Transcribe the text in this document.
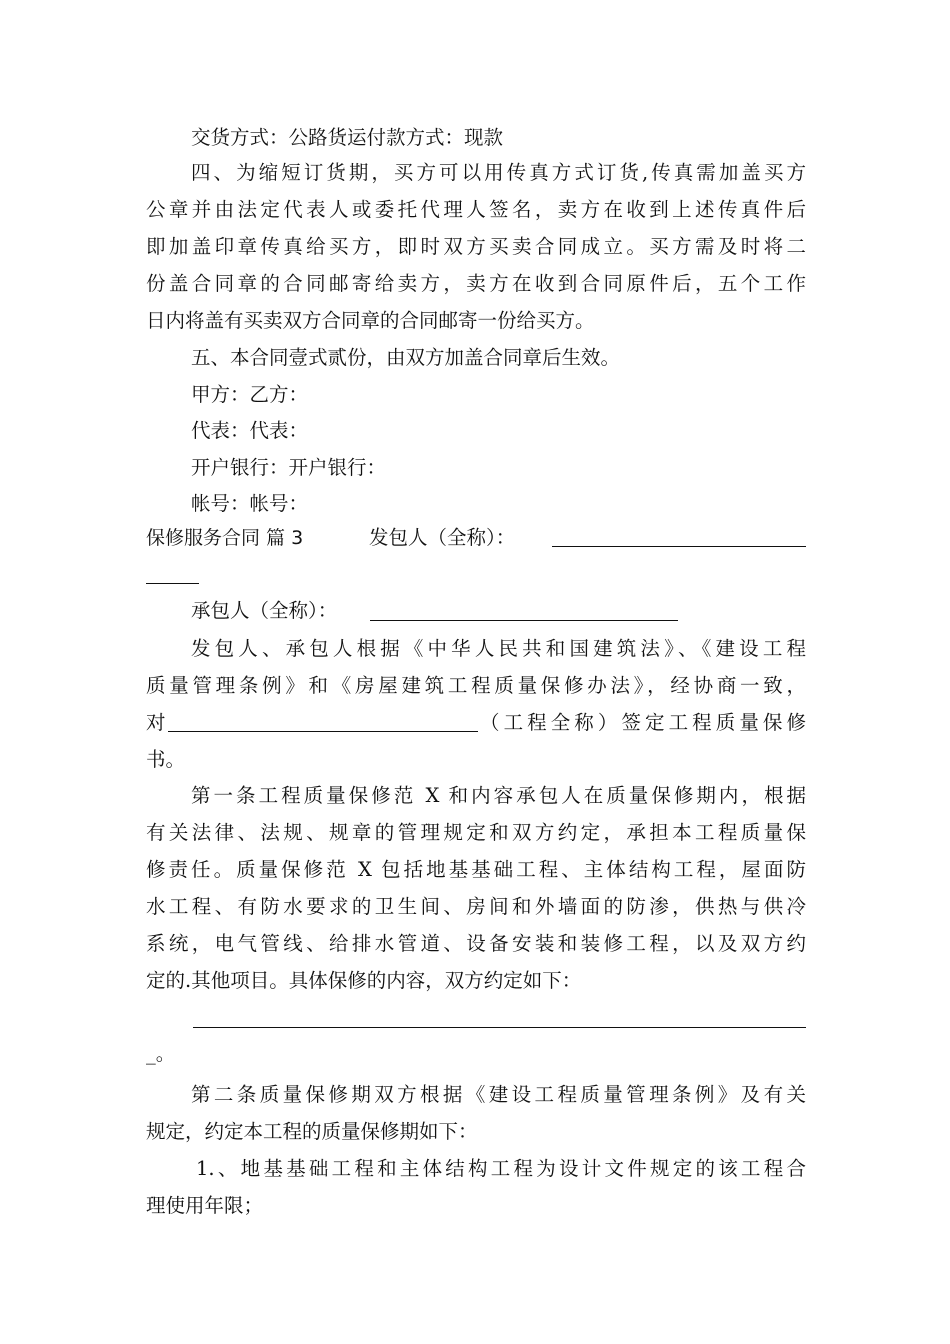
交货方式：公路货运付款方式：现款
四、为缩短订货期，买方可以用传真方式订货,传真需加盖买方
公章并由法定代表人或委托代理人签名，卖方在收到上述传真件后
即加盖印章传真给买方，即时双方买卖合同成立。买方需及时将二
份盖合同章的合同邮寄给卖方，卖方在收到合同原件后，五个工作
日内将盖有买卖双方合同章的合同邮寄一份给买方。
五、本合同壹式贰份，由双方加盖合同章后生效。
甲方：乙方：
代表：代表：
开户银行：开户银行：
帐号：帐号：
保修服务合同 篇 3	发包人（全称）：
承包人（全称）：
发包人、承包人根据《中华人民共和国建筑法》、《建设工程
质量管理条例》和《房屋建筑工程质量保修办法》，经协商一致，
对	（工程全称）签定工程质量保修
书。
第一条工程质量保修范 X 和内容承包人在质量保修期内，根据
有关法律、法规、规章的管理规定和双方约定，承担本工程质量保
修责任。质量保修范 X 包括地基基础工程、主体结构工程，屋面防
水工程、有防水要求的卫生间、房间和外墙面的防渗，供热与供冷
系统，电气管线、给排水管道、设备安装和装修工程，以及双方约
定的.其他项目。具体保修的内容，双方约定如下：
_。
第二条质量保修期双方根据《建设工程质量管理条例》及有关
规定，约定本工程的质量保修期如下：
1.、地基基础工程和主体结构工程为设计文件规定的该工程合
理使用年限；
